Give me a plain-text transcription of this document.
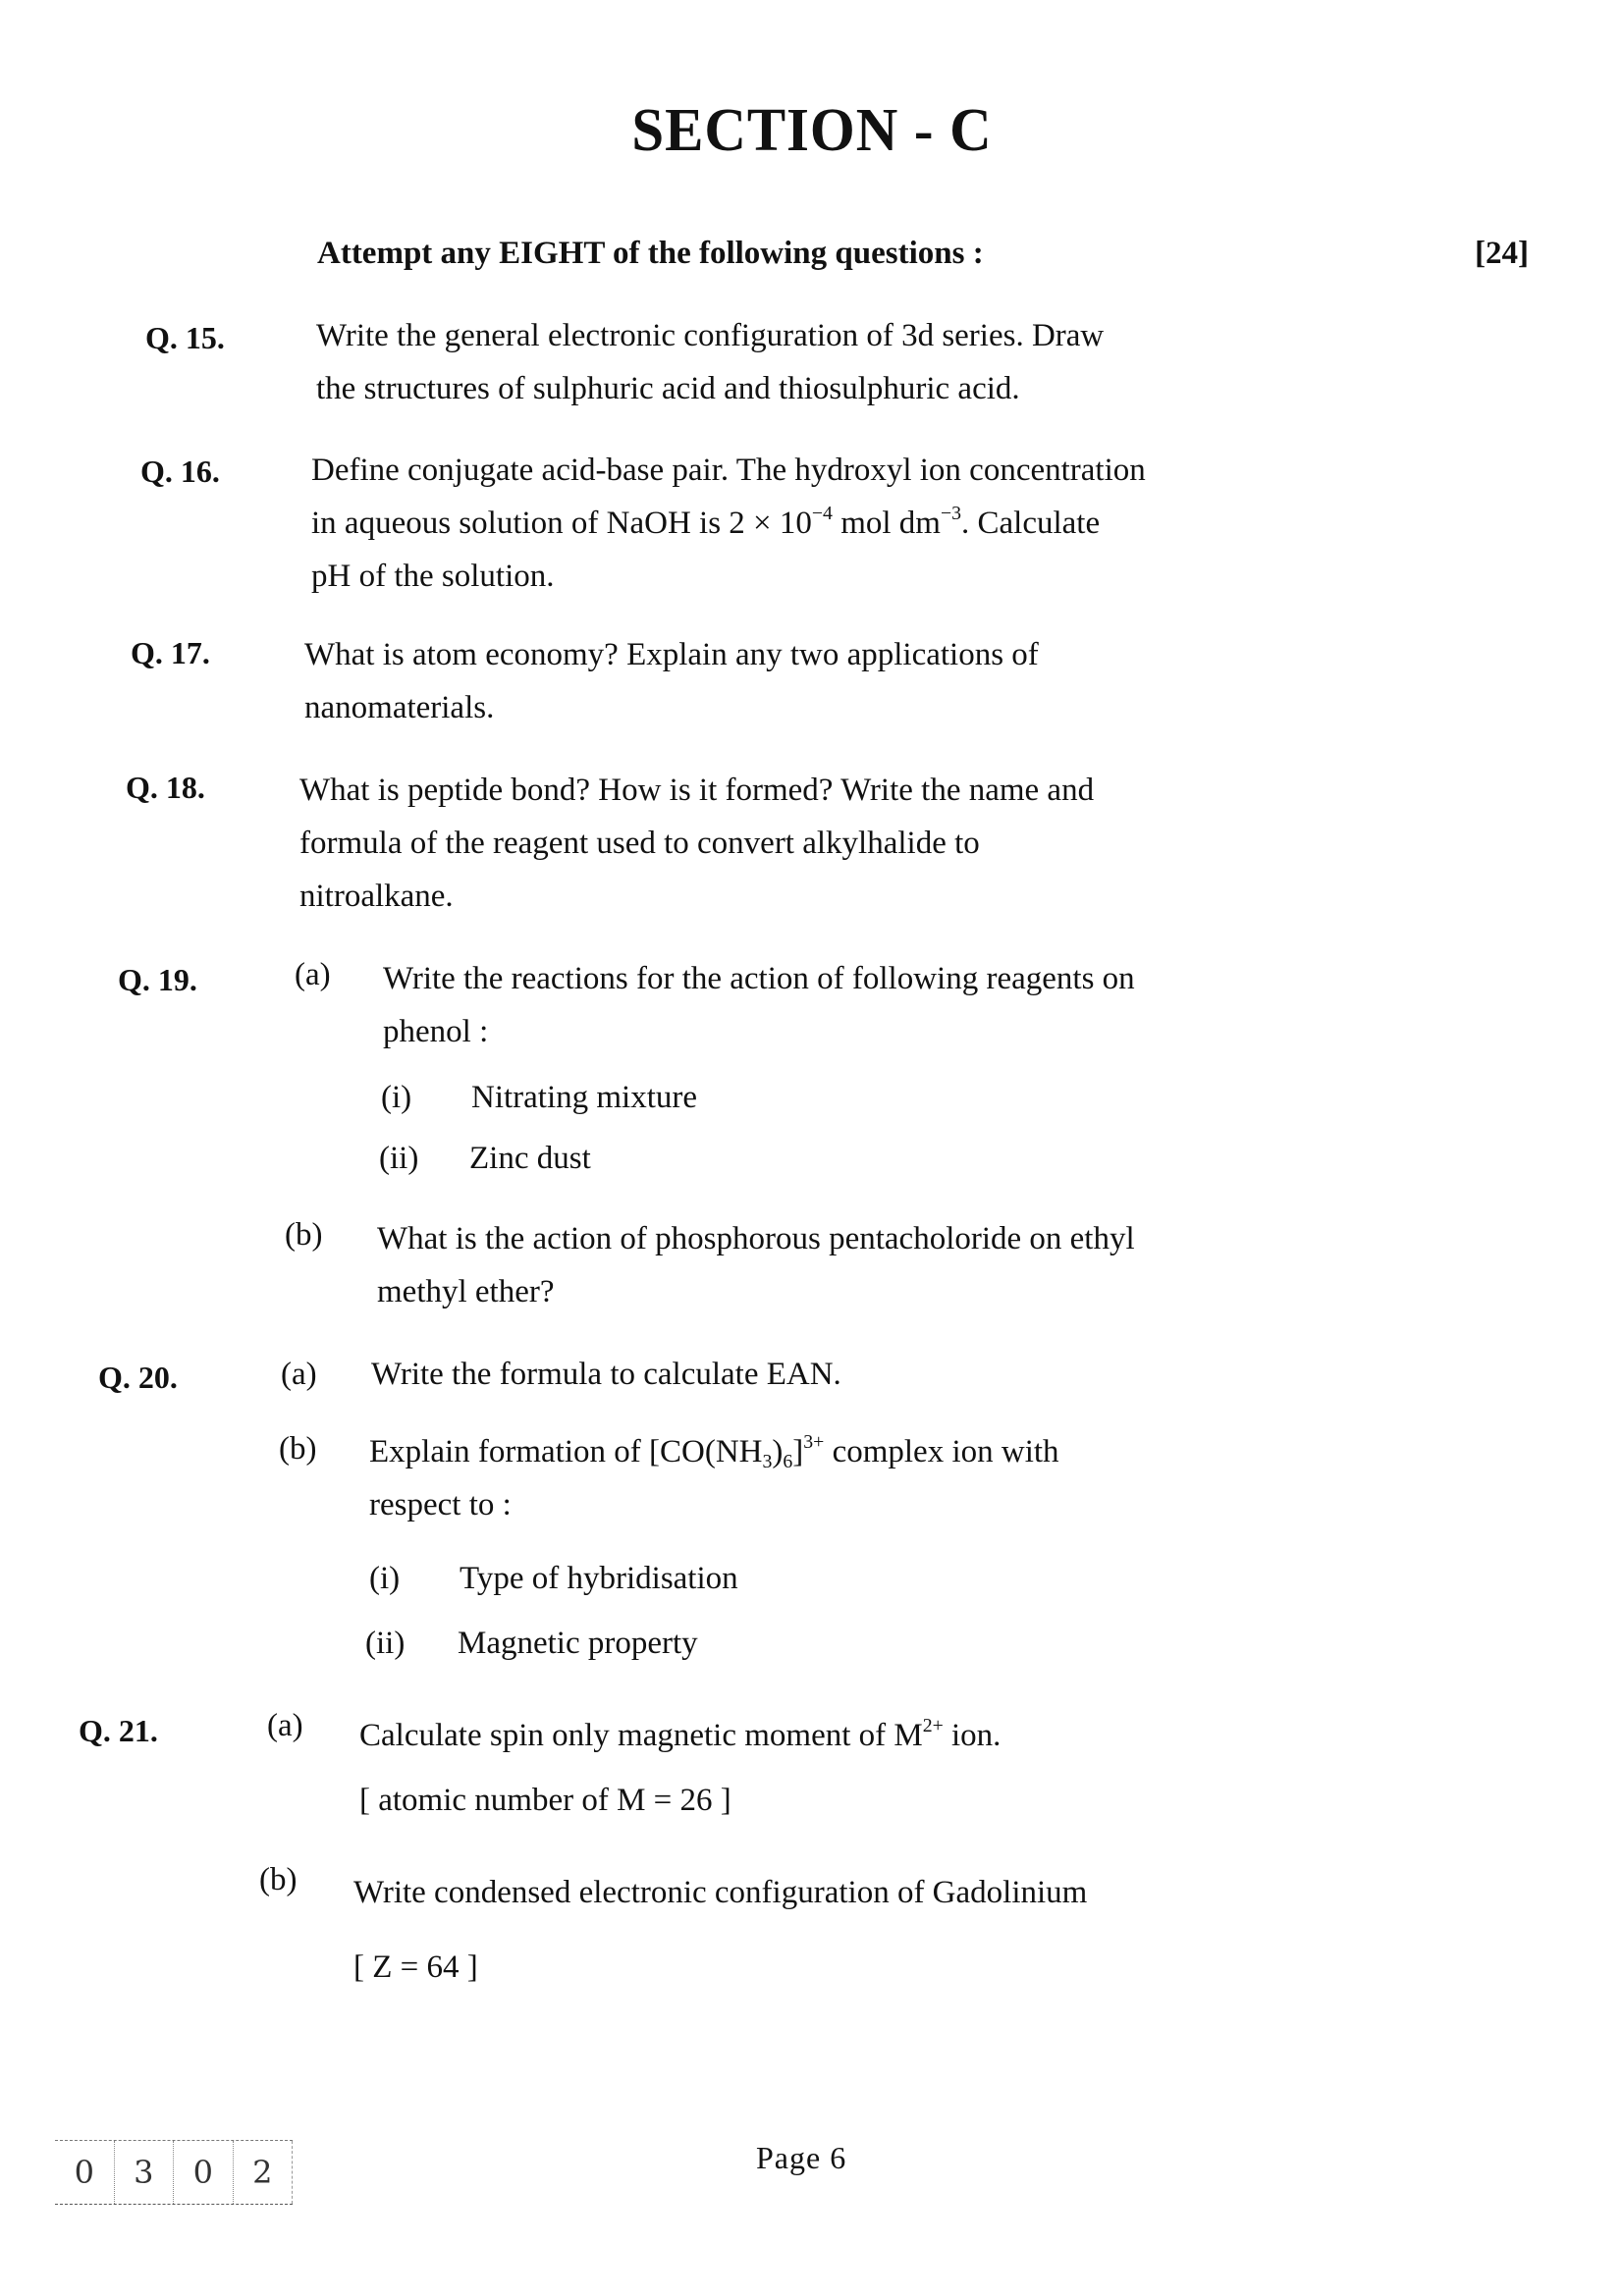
SECTION - C
Attempt any EIGHT of the following questions :	[24]
Q. 15.	Write the general electronic configuration of 3d series. Draw
the structures of sulphuric acid and thiosulphuric acid.
Q. 16.	Define conjugate acid-base pair. The hydroxyl ion concentration
in aqueous solution of NaOH is $2 \times 10^{-4}$ mol $dm^{-3}$. Calculate
pH of the solution.
Q. 17.	What is atom economy? Explain any two applications of
nanomaterials.
Q. 18.	What is peptide bond? How is it formed? Write the name and
formula of the reagent used to convert alkylhalide to
nitroalkane.
Q. 19.	(a) Write the reactions for the action of following reagents on
phenol :
(i) Nitrating mixture
(ii) Zinc dust
(b) What is the action of phosphorous pentacholoride on ethyl
methyl ether?
Q. 20.	(a) Write the formula to calculate EAN.
(b) Explain formation of $[CO(NH_3)_6]^{3+}$ complex ion with
respect to :
(i) Type of hybridisation
(ii) Magnetic property
Q. 21.	(a) Calculate spin only magnetic moment of $M^{2+}$ ion.
[ atomic number of M = 26 ]
(b) Write condensed electronic configuration of Gadolinium
[ Z = 64 ]
0	3	0	2	Page 6
